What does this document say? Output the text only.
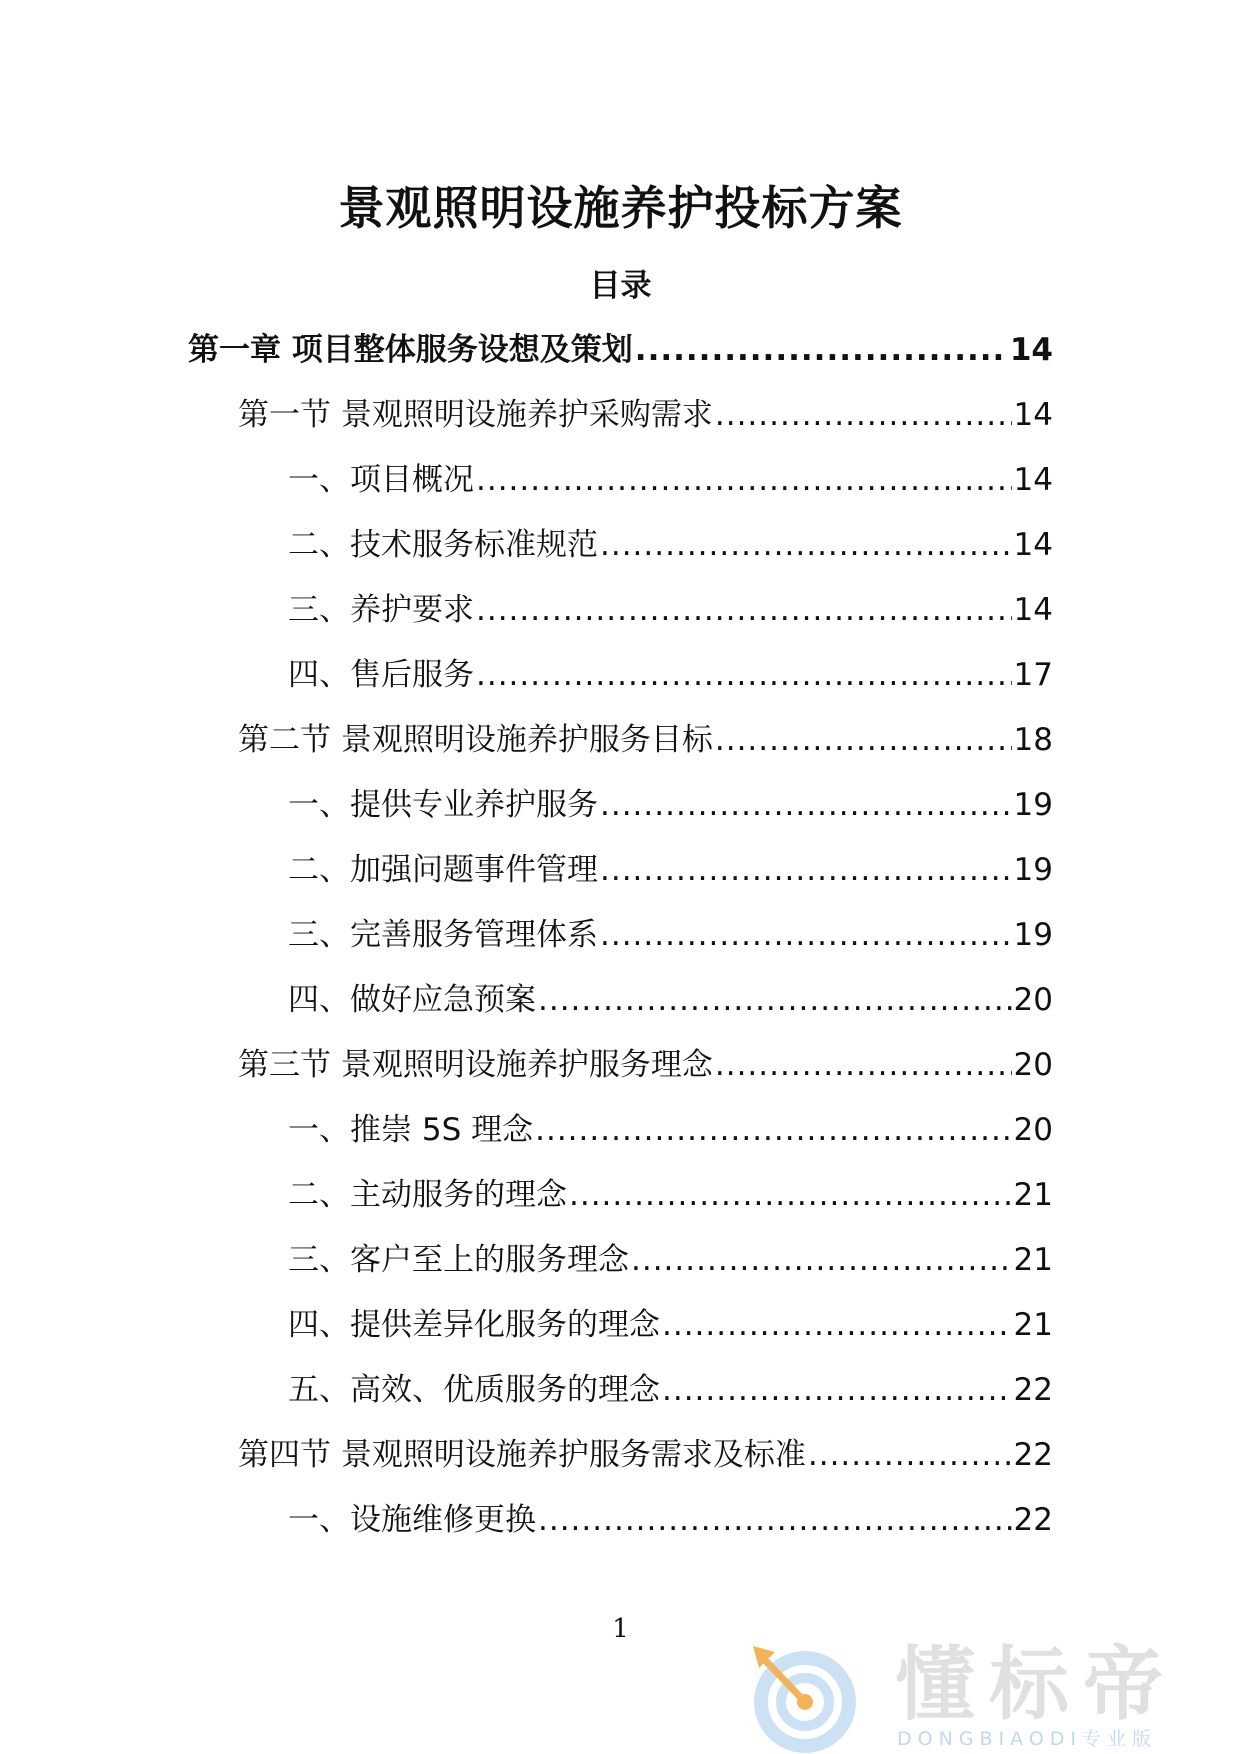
景观照明设施养护投标方案
目录
第一章 项目整体服务设想及策划 .....	14
第一节 景观照明设施养护采购需求 .....	14
一、项目概况 .....	14
二、技术服务标准规范 .....	14
三、养护要求 .....	14
四、售后服务 .....	17
第二节 景观照明设施养护服务目标 .....	18
一、提供专业养护服务 .....	19
二、加强问题事件管理 .....	19
三、完善服务管理体系 .....	19
四、做好应急预案 .....	20
第三节 景观照明设施养护服务理念 .....	20
一、推崇 5S 理念 .....	20
二、主动服务的理念 .....	21
三、客户至上的服务理念 .....	21
四、提供差异化服务的理念 .....	21
五、高效、优质服务的理念 .....	22
第四节 景观照明设施养护服务需求及标准 .....	22
一、设施维修更换 .....	22
1
懂标帝
DONGBIAODI专业版
